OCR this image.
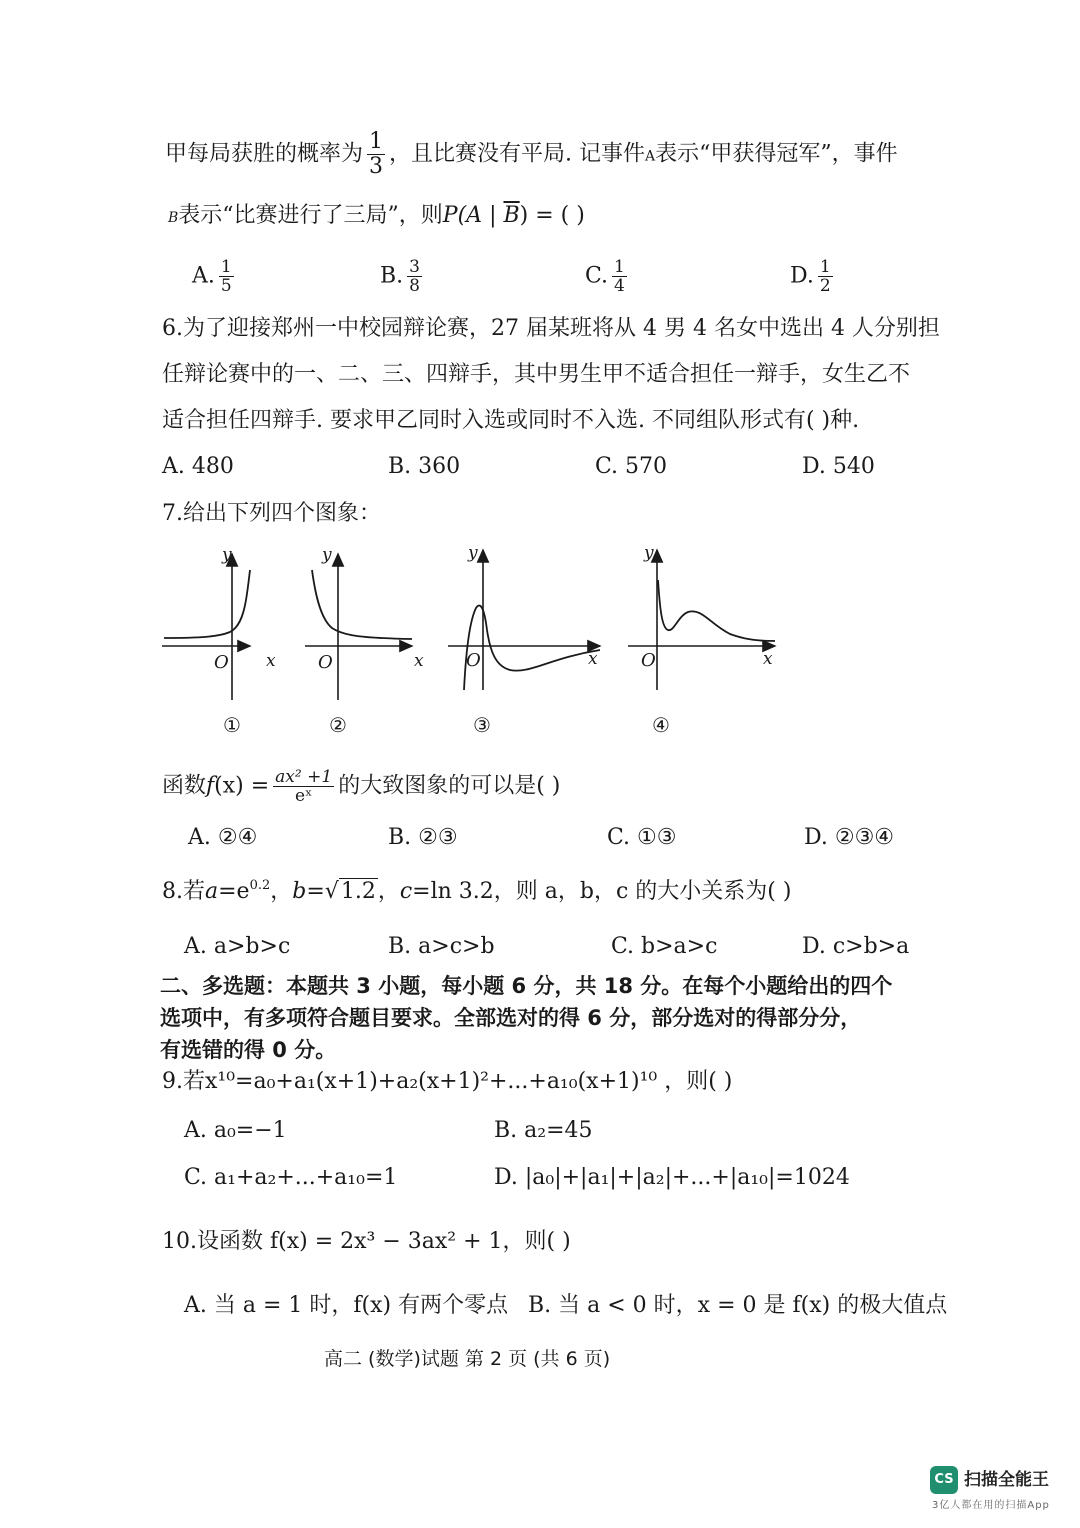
甲每局获胜的概率为 $\frac{1}{3}$ ，且比赛没有平局. 记事件A表示“甲获得冠军”，事件
B表示“比赛进行了三局”，则P(A | $\overline{B}$) = ( )
A. $\frac{1}{5}$	B. $\frac{3}{8}$	C. $\frac{1}{4}$	D. $\frac{1}{2}$
6.为了迎接郑州一中校园辩论赛，27 届某班将从 4 男 4 名女中选出 4 人分别担
任辩论赛中的一、二、三、四辩手，其中男生甲不适合担任一辩手，女生乙不
适合担任四辩手. 要求甲乙同时入选或同时不入选. 不同组队形式有( )种.
A. 480	B. 360	C. 570	D. 540
7.给出下列四个图象：
y
O x
①
y
O	x
②
y
O	x
③
y
O	x
④
函数$f(x) = \frac{\text{ax² +1}}{\text{eˣ}}$ 的大致图象的可以是( )
A. ②④	B. ②③	C. ①③	D. ②③④
8.若$a=e^{0.2}$，b=√1.2，c=ln 3.2，则 a，b，c 的大小关系为( )
A. a>b>c	B. a>c>b	C. b>a>c	D. c>b>a
二、多选题：本题共 3 小题，每小题 6 分，共 18 分。在每个小题给出的四个
选项中，有多项符合题目要求。全部选对的得 6 分，部分选对的得部分分，
有选错的得 0 分。
9.若x¹⁰=a₀+a₁(x+1)+a₂(x+1)²+...+a₁₀(x+1)¹⁰ ，则( )
A. a₀=−1	B. a₂=45
C. a₁+a₂+...+a₁₀=1	D. |a₀|+|a₁|+|a₂|+...+|a₁₀|=1024
10.设函数 f(x) = 2x³ − 3ax² + 1，则( )
A. 当 a = 1 时，f(x) 有两个零点 B. 当 a < 0 时，x = 0 是 f(x) 的极大值点
高二 (数学)试题 第 2 页 (共 6 页)
CS 扫描全能王
3亿人都在用的扫描App
